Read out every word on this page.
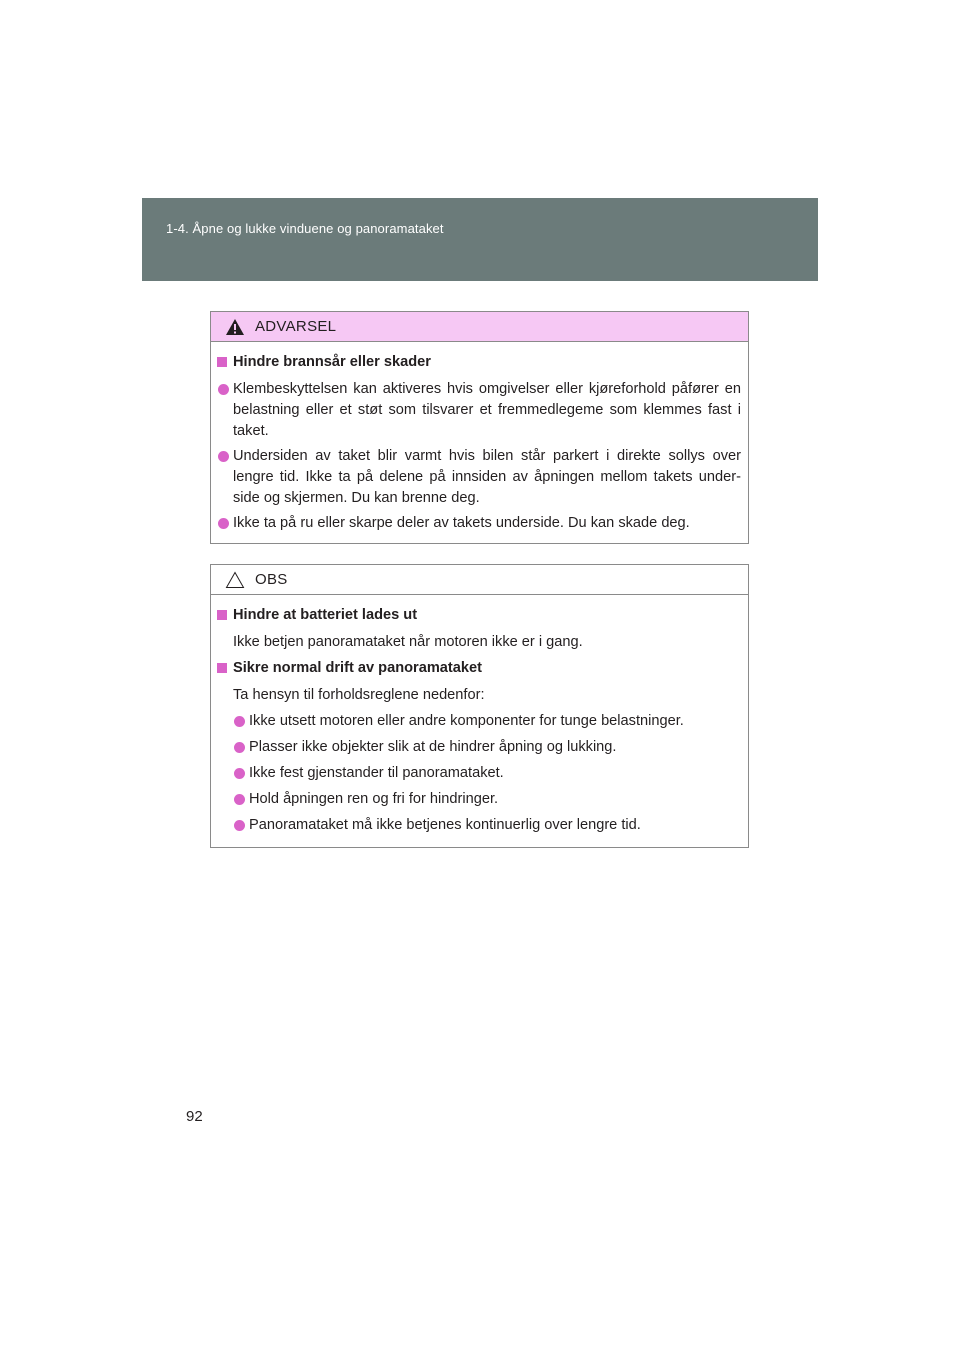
1-4. Åpne og lukke vinduene og panoramataket
ADVARSEL
Hindre brannsår eller skader
Klembeskyttelsen kan aktiveres hvis omgivelser eller kjøreforhold påfører en belastning eller et støt som tilsvarer et fremmedlegeme som klemmes fast i taket.
Undersiden av taket blir varmt hvis bilen står parkert i direkte sollys over lengre tid. Ikke ta på delene på innsiden av åpningen mellom takets under-side og skjermen. Du kan brenne deg.
Ikke ta på ru eller skarpe deler av takets underside. Du kan skade deg.
OBS
Hindre at batteriet lades ut
Ikke betjen panoramataket når motoren ikke er i gang.
Sikre normal drift av panoramataket
Ta hensyn til forholdsreglene nedenfor:
Ikke utsett motoren eller andre komponenter for tunge belastninger.
Plasser ikke objekter slik at de hindrer åpning og lukking.
Ikke fest gjenstander til panoramataket.
Hold åpningen ren og fri for hindringer.
Panoramataket må ikke betjenes kontinuerlig over lengre tid.
92
